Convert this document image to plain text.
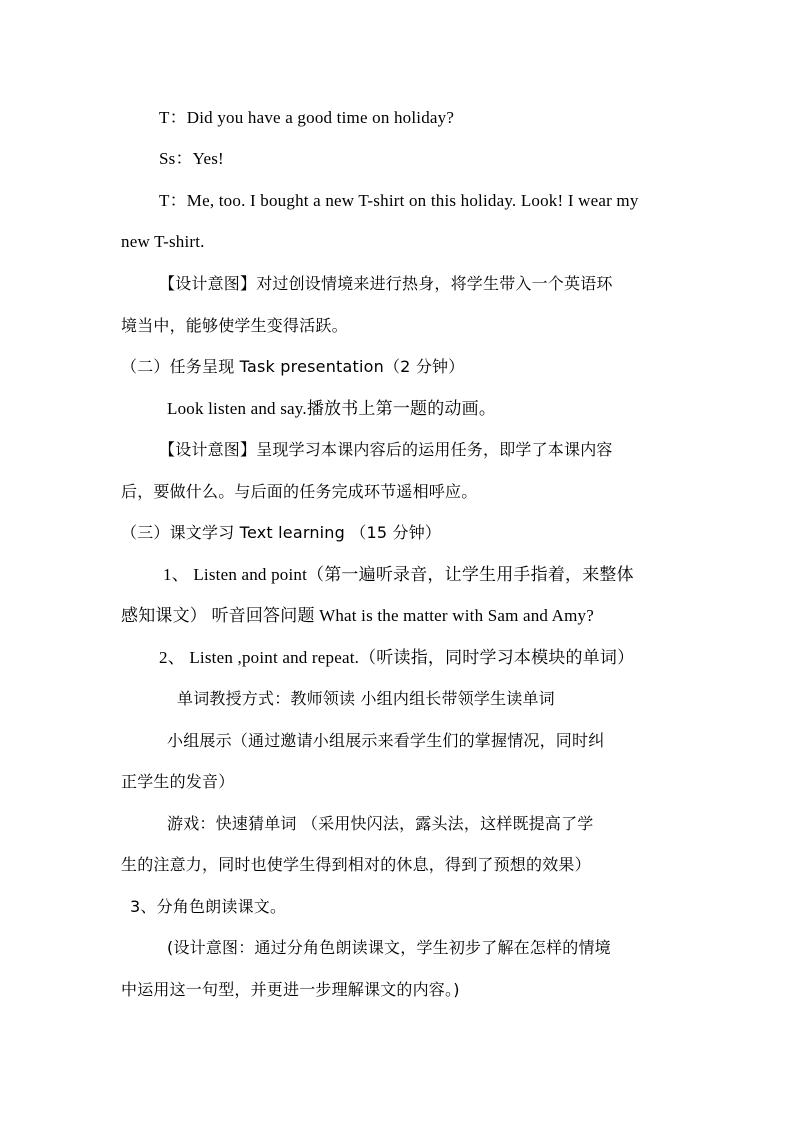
T：Did you have a good time on holiday?
Ss：Yes!
T：Me, too. I bought a new T-shirt on this holiday. Look! I wear my
new T-shirt.
【设计意图】对过创设情境来进行热身，将学生带入一个英语环
境当中，能够使学生变得活跃。
（二）任务呈现 Task presentation（2 分钟）
Look listen and say.播放书上第一题的动画。
【设计意图】呈现学习本课内容后的运用任务，即学了本课内容
后，要做什么。与后面的任务完成环节遥相呼应。
（三）课文学习 Text learning （15 分钟）
1、 Listen and point（第一遍听录音，让学生用手指着，来整体
感知课文） 听音回答问题 What is the matter with Sam and Amy?
2、 Listen ,point and repeat.（听读指，同时学习本模块的单词）
单词教授方式：教师领读 小组内组长带领学生读单词
小组展示（通过邀请小组展示来看学生们的掌握情况，同时纠
正学生的发音）
游戏：快速猜单词 （采用快闪法，露头法，这样既提高了学
生的注意力，同时也使学生得到相对的休息，得到了预想的效果）
3、分角色朗读课文。
(设计意图：通过分角色朗读课文，学生初步了解在怎样的情境
中运用这一句型，并更进一步理解课文的内容。)
